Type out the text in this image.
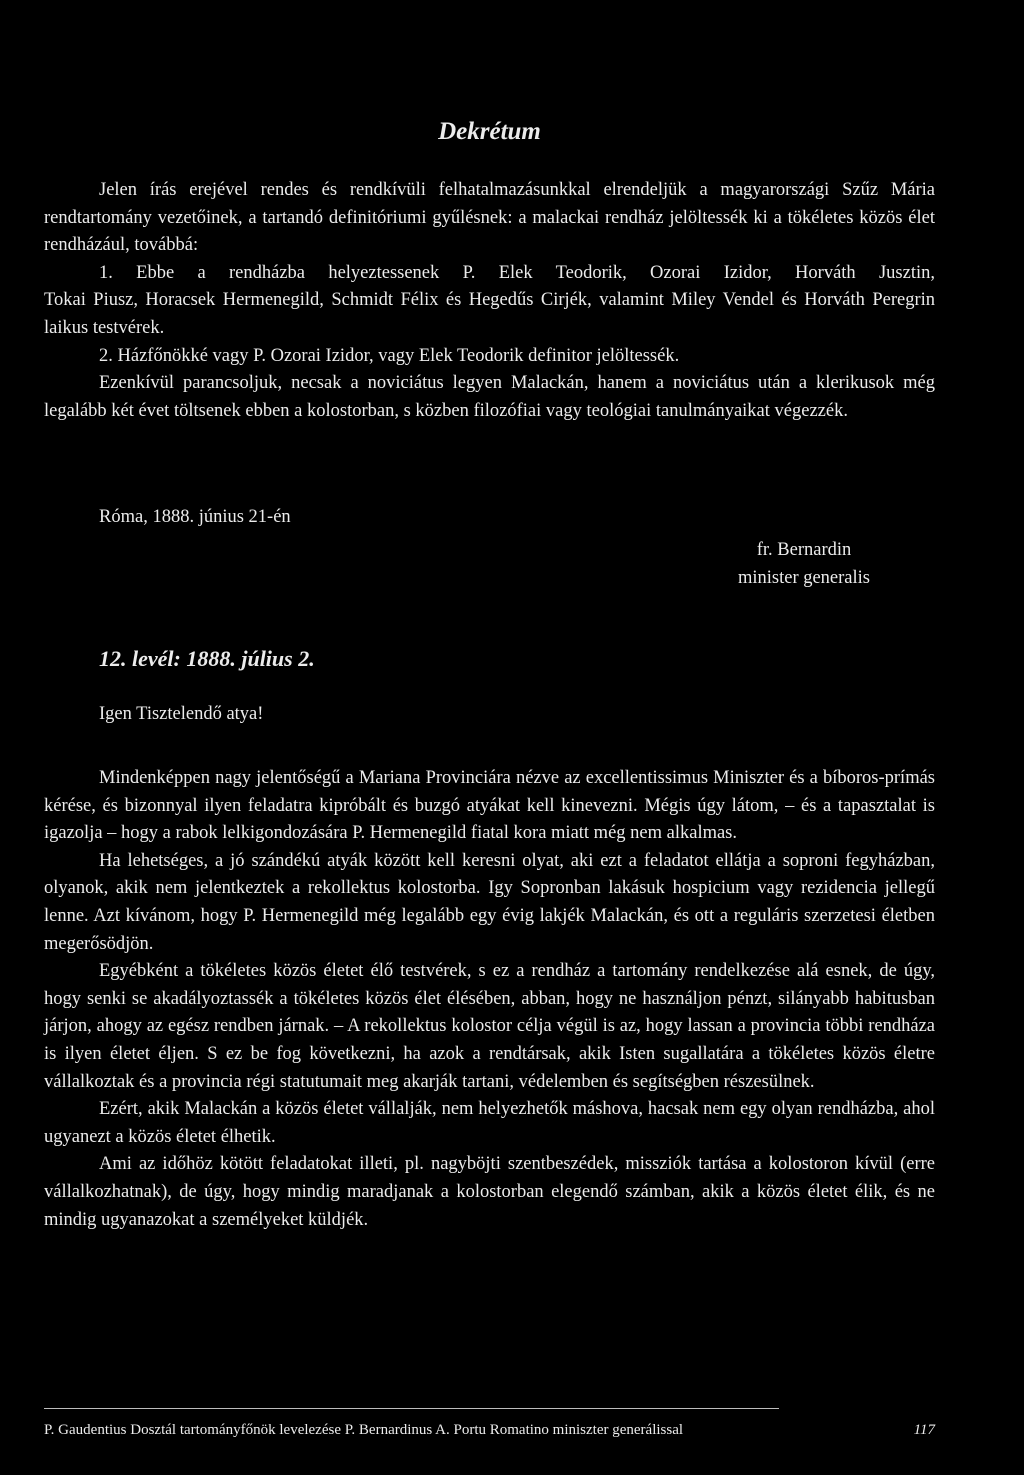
Dekrétum

Jelen írás erejével rendes és rendkívüli felhatalmazásunkkal elrendeljük a magyarországi Szűz Mária rendtartomány vezetőinek, a tartandó definitóriumi gyűlésnek: a malackai rendház jelöltessék ki a tökéletes közös élet rendházául, továbbá:

1. Ebbe a rendházba helyeztessenek P. Elek Teodorik, Ozorai Izidor, Horváth Jusztin,

Tokai Piusz, Horacsek Hermenegild, Schmidt Félix és Hegedűs Cirjék, valamint Miley Vendel és Horváth Peregrin laikus testvérek.

2. Házfőnökké vagy P. Ozorai Izidor, vagy Elek Teodorik definitor jelöltessék.

Ezenkívül parancsoljuk, necsak a noviciátus legyen Malackán, hanem a noviciátus után a klerikusok még legalább két évet töltsenek ebben a kolostorban, s közben filozófiai vagy teológiai tanulmányaikat végezzék.

Róma, 1888. június 21-én
fr. Bernardin
minister generalis
12. levél: 1888. július 2.
Igen Tisztelendő atya!

Mindenképpen nagy jelentőségű a Mariana Provinciára nézve az excellentissimus Miniszter és a bíboros-prímás kérése, és bizonnyal ilyen feladatra kipróbált és buzgó atyákat kell kinevezni. Mégis úgy látom, – és a tapasztalat is igazolja – hogy a rabok lelkigondozására P. Hermenegild fiatal kora miatt még nem alkalmas.

Ha lehetséges, a jó szándékú atyák között kell keresni olyat, aki ezt a feladatot ellátja a soproni fegyházban, olyanok, akik nem jelentkeztek a rekollektus kolostorba. Igy Sopronban lakásuk hospicium vagy rezidencia jellegű lenne. Azt kívánom, hogy P. Hermenegild még legalább egy évig lakjék Malackán, és ott a reguláris szerzetesi életben megerősödjön.

Egyébként a tökéletes közös életet élő testvérek, s ez a rendház a tartomány rendelkezése alá esnek, de úgy, hogy senki se akadályoztassék a tökéletes közös élet élésében, abban, hogy ne használjon pénzt, silányabb habitusban járjon, ahogy az egész rendben járnak. – A rekollektus kolostor célja végül is az, hogy lassan a provincia többi rendháza is ilyen életet éljen. S ez be fog következni, ha azok a rendtársak, akik Isten sugallatára a tökéletes közös életre vállalkoztak és a provincia régi statutumait meg akarják tartani, védelemben és segítségben részesülnek.

Ezért, akik Malackán a közös életet vállalják, nem helyezhetők máshova, hacsak nem egy olyan rendházba, ahol ugyanezt a közös életet élhetik.

Ami az időhöz kötött feladatokat illeti, pl. nagyböjti szentbeszédek, missziók tartása a kolostoron kívül (erre vállalkozhatnak), de úgy, hogy mindig maradjanak a kolostorban elegendő számban, akik a közös életet élik, és ne mindig ugyanazokat a személyeket küldjék.

P. Gaudentius Dosztál tartományfőnök levelezése P. Bernardinus A. Portu Romatino miniszter generálissal	117
